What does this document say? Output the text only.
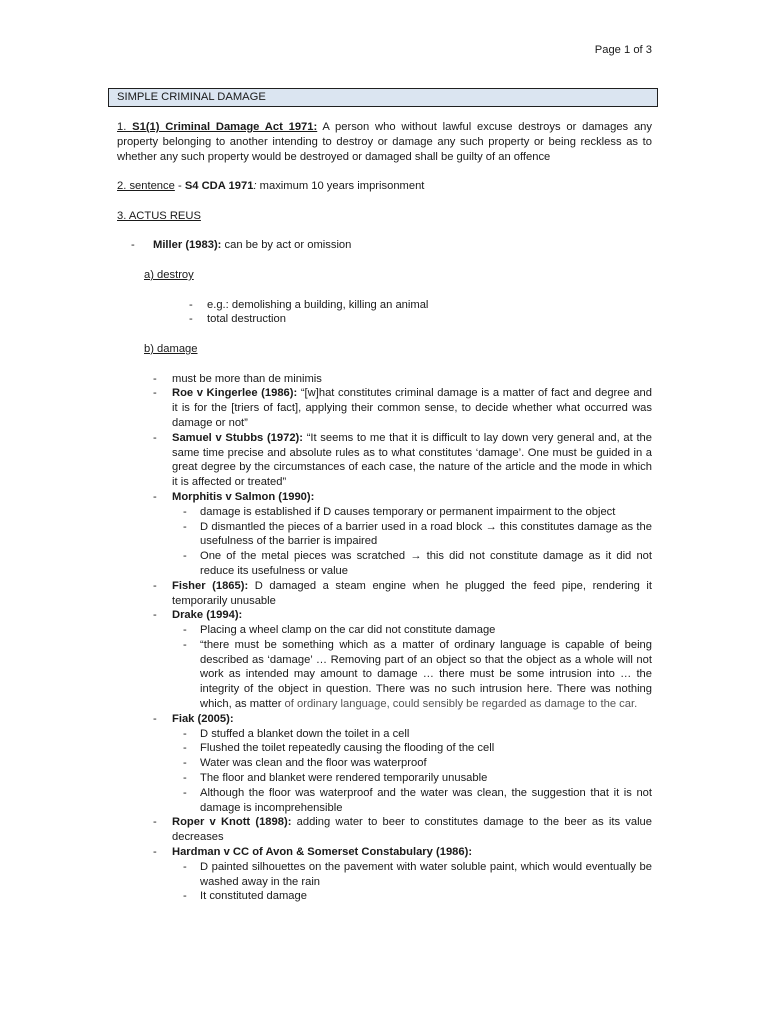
Page 1 of 3
SIMPLE CRIMINAL DAMAGE

1. S1(1) Criminal Damage Act 1971: A person who without lawful excuse destroys or damages any property belonging to another intending to destroy or damage any such property or being reckless as to whether any such property would be destroyed or damaged shall be guilty of an offence

2. sentence - S4 CDA 1971: maximum 10 years imprisonment

3. ACTUS REUS

- Miller (1983): can be by act or omission

a) destroy

- e.g.: demolishing a building, killing an animal
- total destruction

b) damage

- must be more than de minimis
- Roe v Kingerlee (1986): “[w]hat constitutes criminal damage is a matter of fact and degree and it is for the [triers of fact], applying their common sense, to decide whether what occurred was damage or not”
- Samuel v Stubbs (1972): “It seems to me that it is difficult to lay down very general and, at the same time precise and absolute rules as to what constitutes ‘damage’. One must be guided in a great degree by the circumstances of each case, the nature of the article and the mode in which it is affected or treated”
- Morphitis v Salmon (1990):
- damage is established if D causes temporary or permanent impairment to the object
- D dismantled the pieces of a barrier used in a road block → this constitutes damage as the usefulness of the barrier is impaired
- One of the metal pieces was scratched → this did not constitute damage as it did not reduce its usefulness or value
- Fisher (1865): D damaged a steam engine when he plugged the feed pipe, rendering it temporarily unusable
- Drake (1994):
- Placing a wheel clamp on the car did not constitute damage
- “there must be something which as a matter of ordinary language is capable of being described as ‘damage’ … Removing part of an object so that the object as a whole will not work as intended may amount to damage … there must be some intrusion into … the integrity of the object in question. There was no such intrusion here. There was nothing which, as matter of ordinary language, could sensibly be regarded as damage to the car.
- Fiak (2005):
- D stuffed a blanket down the toilet in a cell
- Flushed the toilet repeatedly causing the flooding of the cell
- Water was clean and the floor was waterproof
- The floor and blanket were rendered temporarily unusable
- Although the floor was waterproof and the water was clean, the suggestion that it is not damage is incomprehensible
- Roper v Knott (1898): adding water to beer to constitutes damage to the beer as its value decreases
- Hardman v CC of Avon & Somerset Constabulary (1986):
- D painted silhouettes on the pavement with water soluble paint, which would eventually be washed away in the rain
- It constituted damage
